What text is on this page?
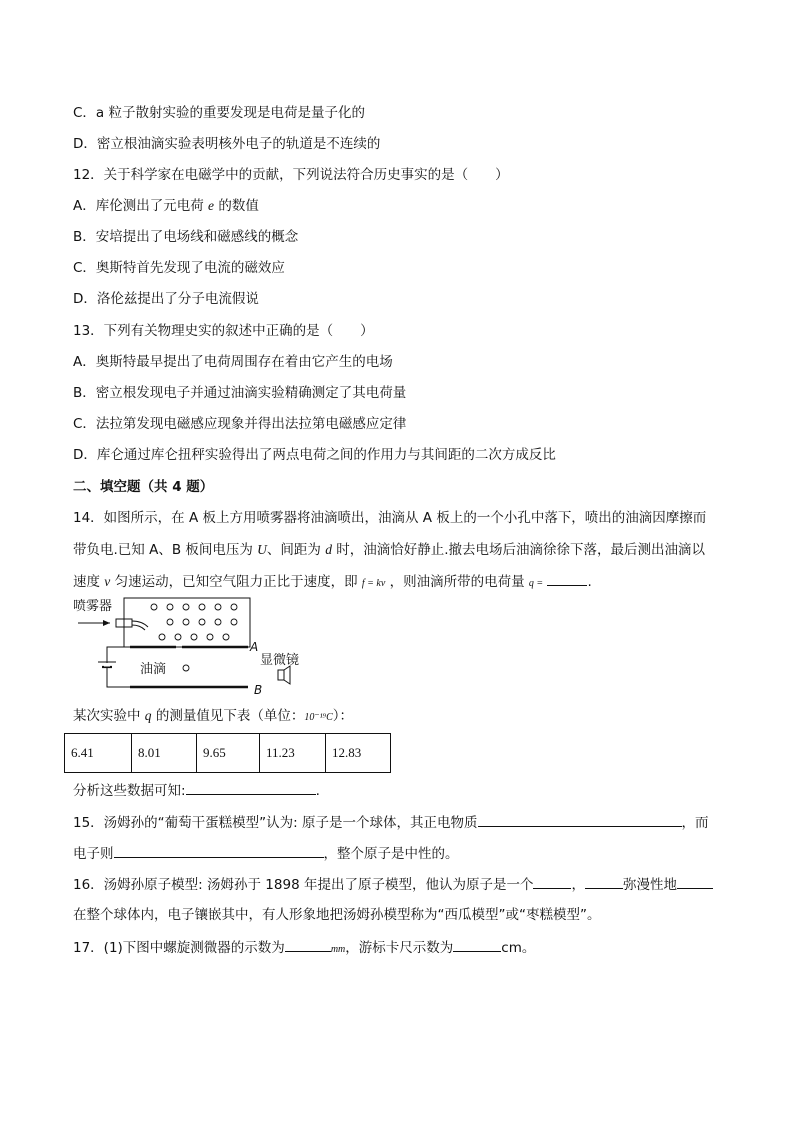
C．a 粒子散射实验的重要发现是电荷是量子化的
D．密立根油滴实验表明核外电子的轨道是不连续的
12．关于科学家在电磁学中的贡献，下列说法符合历史事实的是（　　）
A．库伦测出了元电荷 e 的数值
B．安培提出了电场线和磁感线的概念
C．奥斯特首先发现了电流的磁效应
D．洛伦兹提出了分子电流假说
13．下列有关物理史实的叙述中正确的是（　　）
A．奥斯特最早提出了电荷周围存在着由它产生的电场
B．密立根发现电子并通过油滴实验精确测定了其电荷量
C．法拉第发现电磁感应现象并得出法拉第电磁感应定律
D．库仑通过库仑扭秤实验得出了两点电荷之间的作用力与其间距的二次方成反比
二、填空题（共 4 题）
14．如图所示，在 A 板上方用喷雾器将油滴喷出，油滴从 A 板上的一个小孔中落下，喷出的油滴因摩擦而
带负电.已知 A、B 板间电压为 U、间距为 d 时，油滴恰好静止.撤去电场后油滴徐徐下落，最后测出油滴以
速度 v 匀速运动，已知空气阻力正比于速度，即 f = kv ，则油滴所带的电荷量 q =	.
喷雾器
A
B
油滴
显微镜
某次实验中 q 的测量值见下表（单位：10⁻¹⁹C）：
6.41	8.01	9.65	11.23	12.83
分析这些数据可知:	.
15．汤姆孙的“葡萄干蛋糕模型”认为: 原子是一个球体，其正电物质	，而
电子则	，整个原子是中性的。
16．汤姆孙原子模型: 汤姆孙于 1898 年提出了原子模型，他认为原子是一个	，	弥漫性地
在整个球体内，电子镶嵌其中，有人形象地把汤姆孙模型称为“西瓜模型”或“枣糕模型”。
17．(1)下图中螺旋测微器的示数为	mm，游标卡尺示数为	cm。
